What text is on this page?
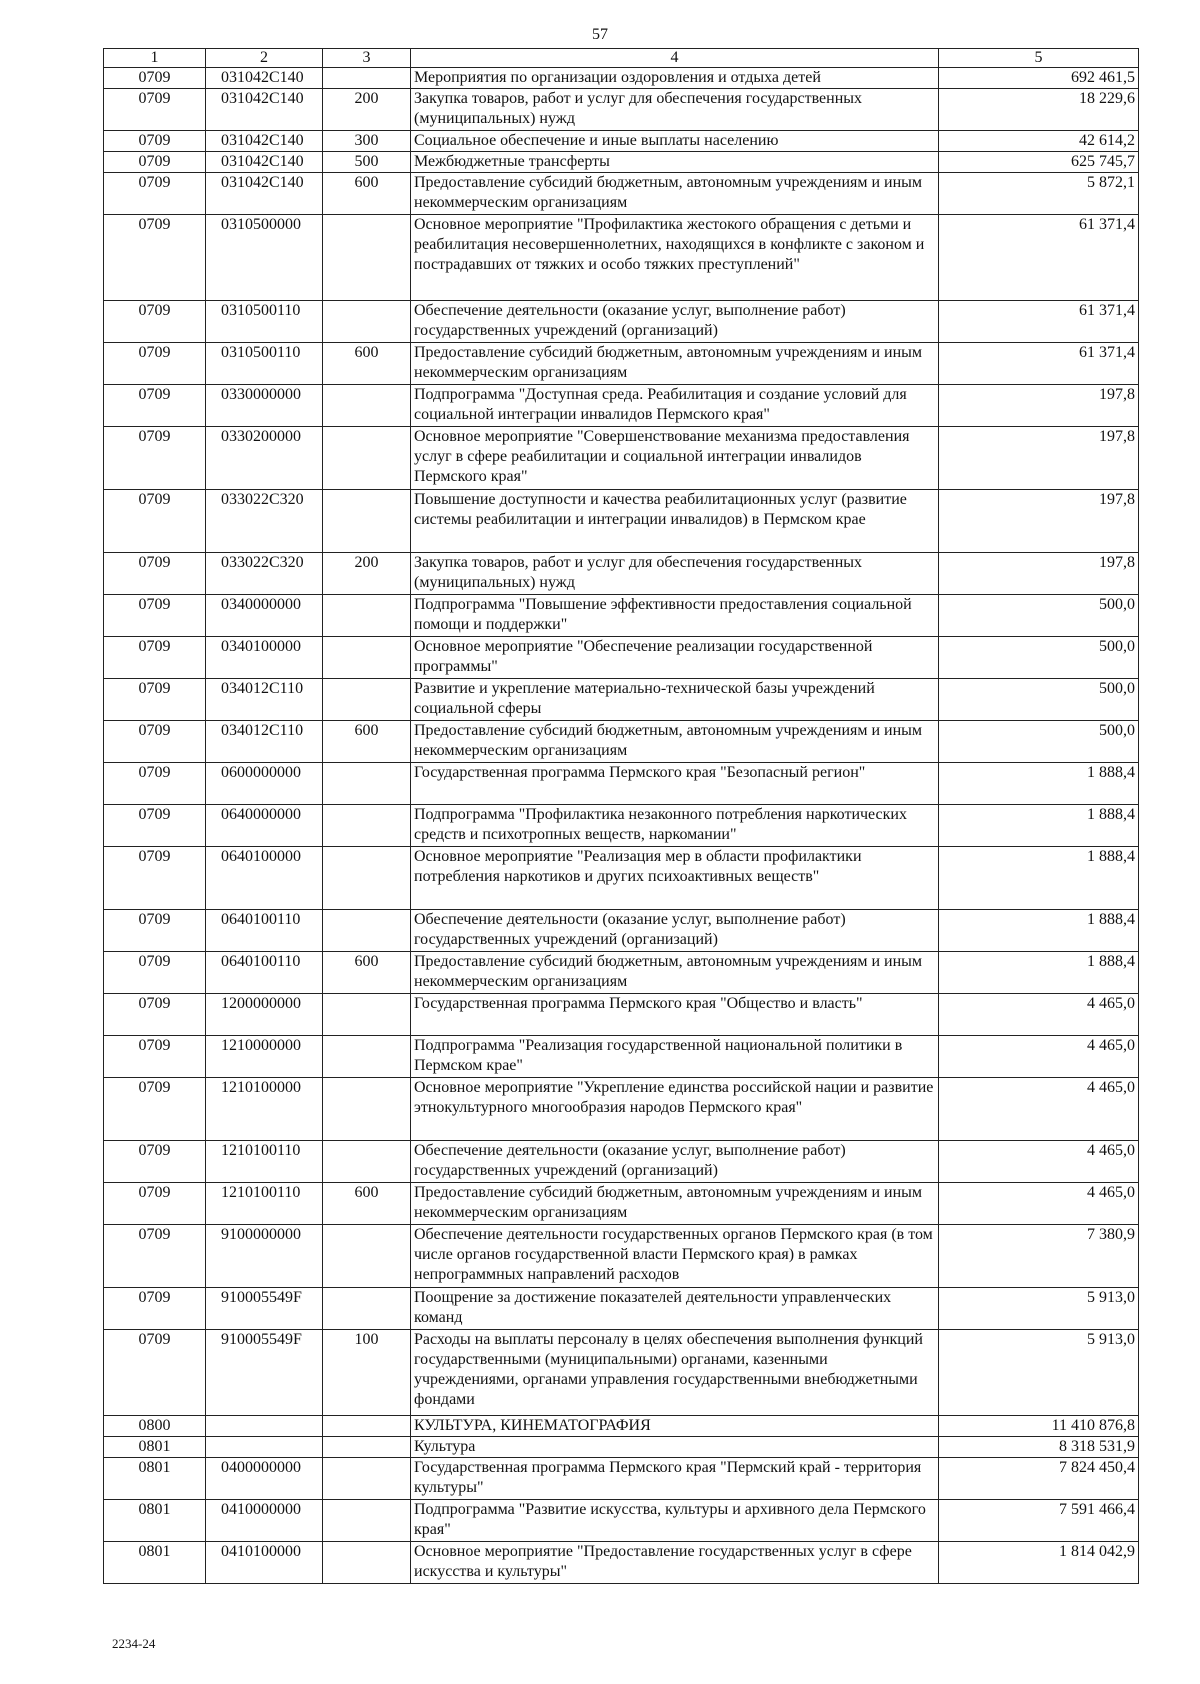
57
1	2	3	4	5
0709	031042С140		Мероприятия по организации оздоровления и отдыха детей	692 461,5
0709	031042С140	200	Закупка товаров, работ и услуг для обеспечения государственных (муниципальных) нужд	18 229,6
0709	031042С140	300	Социальное обеспечение и иные выплаты населению	42 614,2
0709	031042С140	500	Межбюджетные трансферты	625 745,7
0709	031042С140	600	Предоставление субсидий бюджетным, автономным учреждениям и иным некоммерческим организациям	5 872,1
0709	0310500000		Основное мероприятие "Профилактика жестокого обращения с детьми и реабилитация несовершеннолетних, находящихся в конфликте с законом и пострадавших от тяжких и особо тяжких преступлений"	61 371,4
0709	0310500110		Обеспечение деятельности (оказание услуг, выполнение работ) государственных учреждений (организаций)	61 371,4
0709	0310500110	600	Предоставление субсидий бюджетным, автономным учреждениям и иным некоммерческим организациям	61 371,4
0709	0330000000		Подпрограмма "Доступная среда. Реабилитация и создание условий для социальной интеграции инвалидов Пермского края"	197,8
0709	0330200000		Основное мероприятие "Совершенствование механизма предоставления услуг в сфере реабилитации и социальной интеграции инвалидов Пермского края"	197,8
0709	033022С320		Повышение доступности и качества реабилитационных услуг (развитие системы реабилитации и интеграции инвалидов) в Пермском крае	197,8
0709	033022С320	200	Закупка товаров, работ и услуг для обеспечения государственных (муниципальных) нужд	197,8
0709	0340000000		Подпрограмма "Повышение эффективности предоставления социальной помощи и поддержки"	500,0
0709	0340100000		Основное мероприятие "Обеспечение реализации государственной программы"	500,0
0709	034012С110		Развитие и укрепление материально-технической базы учреждений социальной сферы	500,0
0709	034012С110	600	Предоставление субсидий бюджетным, автономным учреждениям и иным некоммерческим организациям	500,0
0709	0600000000		Государственная программа Пермского края "Безопасный регион"	1 888,4
0709	0640000000		Подпрограмма "Профилактика незаконного потребления наркотических средств и психотропных веществ, наркомании"	1 888,4
0709	0640100000		Основное мероприятие "Реализация мер в области профилактики потребления наркотиков и других психоактивных веществ"	1 888,4
0709	0640100110		Обеспечение деятельности (оказание услуг, выполнение работ) государственных учреждений (организаций)	1 888,4
0709	0640100110	600	Предоставление субсидий бюджетным, автономным учреждениям и иным некоммерческим организациям	1 888,4
0709	1200000000		Государственная программа Пермского края "Общество и власть"	4 465,0
0709	1210000000		Подпрограмма "Реализация государственной национальной политики в Пермском крае"	4 465,0
0709	1210100000		Основное мероприятие "Укрепление единства российской нации и развитие этнокультурного многообразия народов Пермского края"	4 465,0
0709	1210100110		Обеспечение деятельности (оказание услуг, выполнение работ) государственных учреждений (организаций)	4 465,0
0709	1210100110	600	Предоставление субсидий бюджетным, автономным учреждениям и иным некоммерческим организациям	4 465,0
0709	9100000000		Обеспечение деятельности государственных органов Пермского края (в том числе органов государственной власти Пермского края) в рамках непрограммных направлений расходов	7 380,9
0709	910005549F		Поощрение за достижение показателей деятельности управленческих команд	5 913,0
0709	910005549F	100	Расходы на выплаты персоналу в целях обеспечения выполнения функций государственными (муниципальными) органами, казенными учреждениями, органами управления государственными внебюджетными фондами	5 913,0
0800			КУЛЬТУРА, КИНЕМАТОГРАФИЯ	11 410 876,8
0801			Культура	8 318 531,9
0801	0400000000		Государственная программа Пермского края "Пермский край - территория культуры"	7 824 450,4
0801	0410000000		Подпрограмма "Развитие искусства, культуры и архивного дела Пермского края"	7 591 466,4
0801	0410100000		Основное мероприятие "Предоставление государственных услуг в сфере искусства и культуры"	1 814 042,9
2234-24
